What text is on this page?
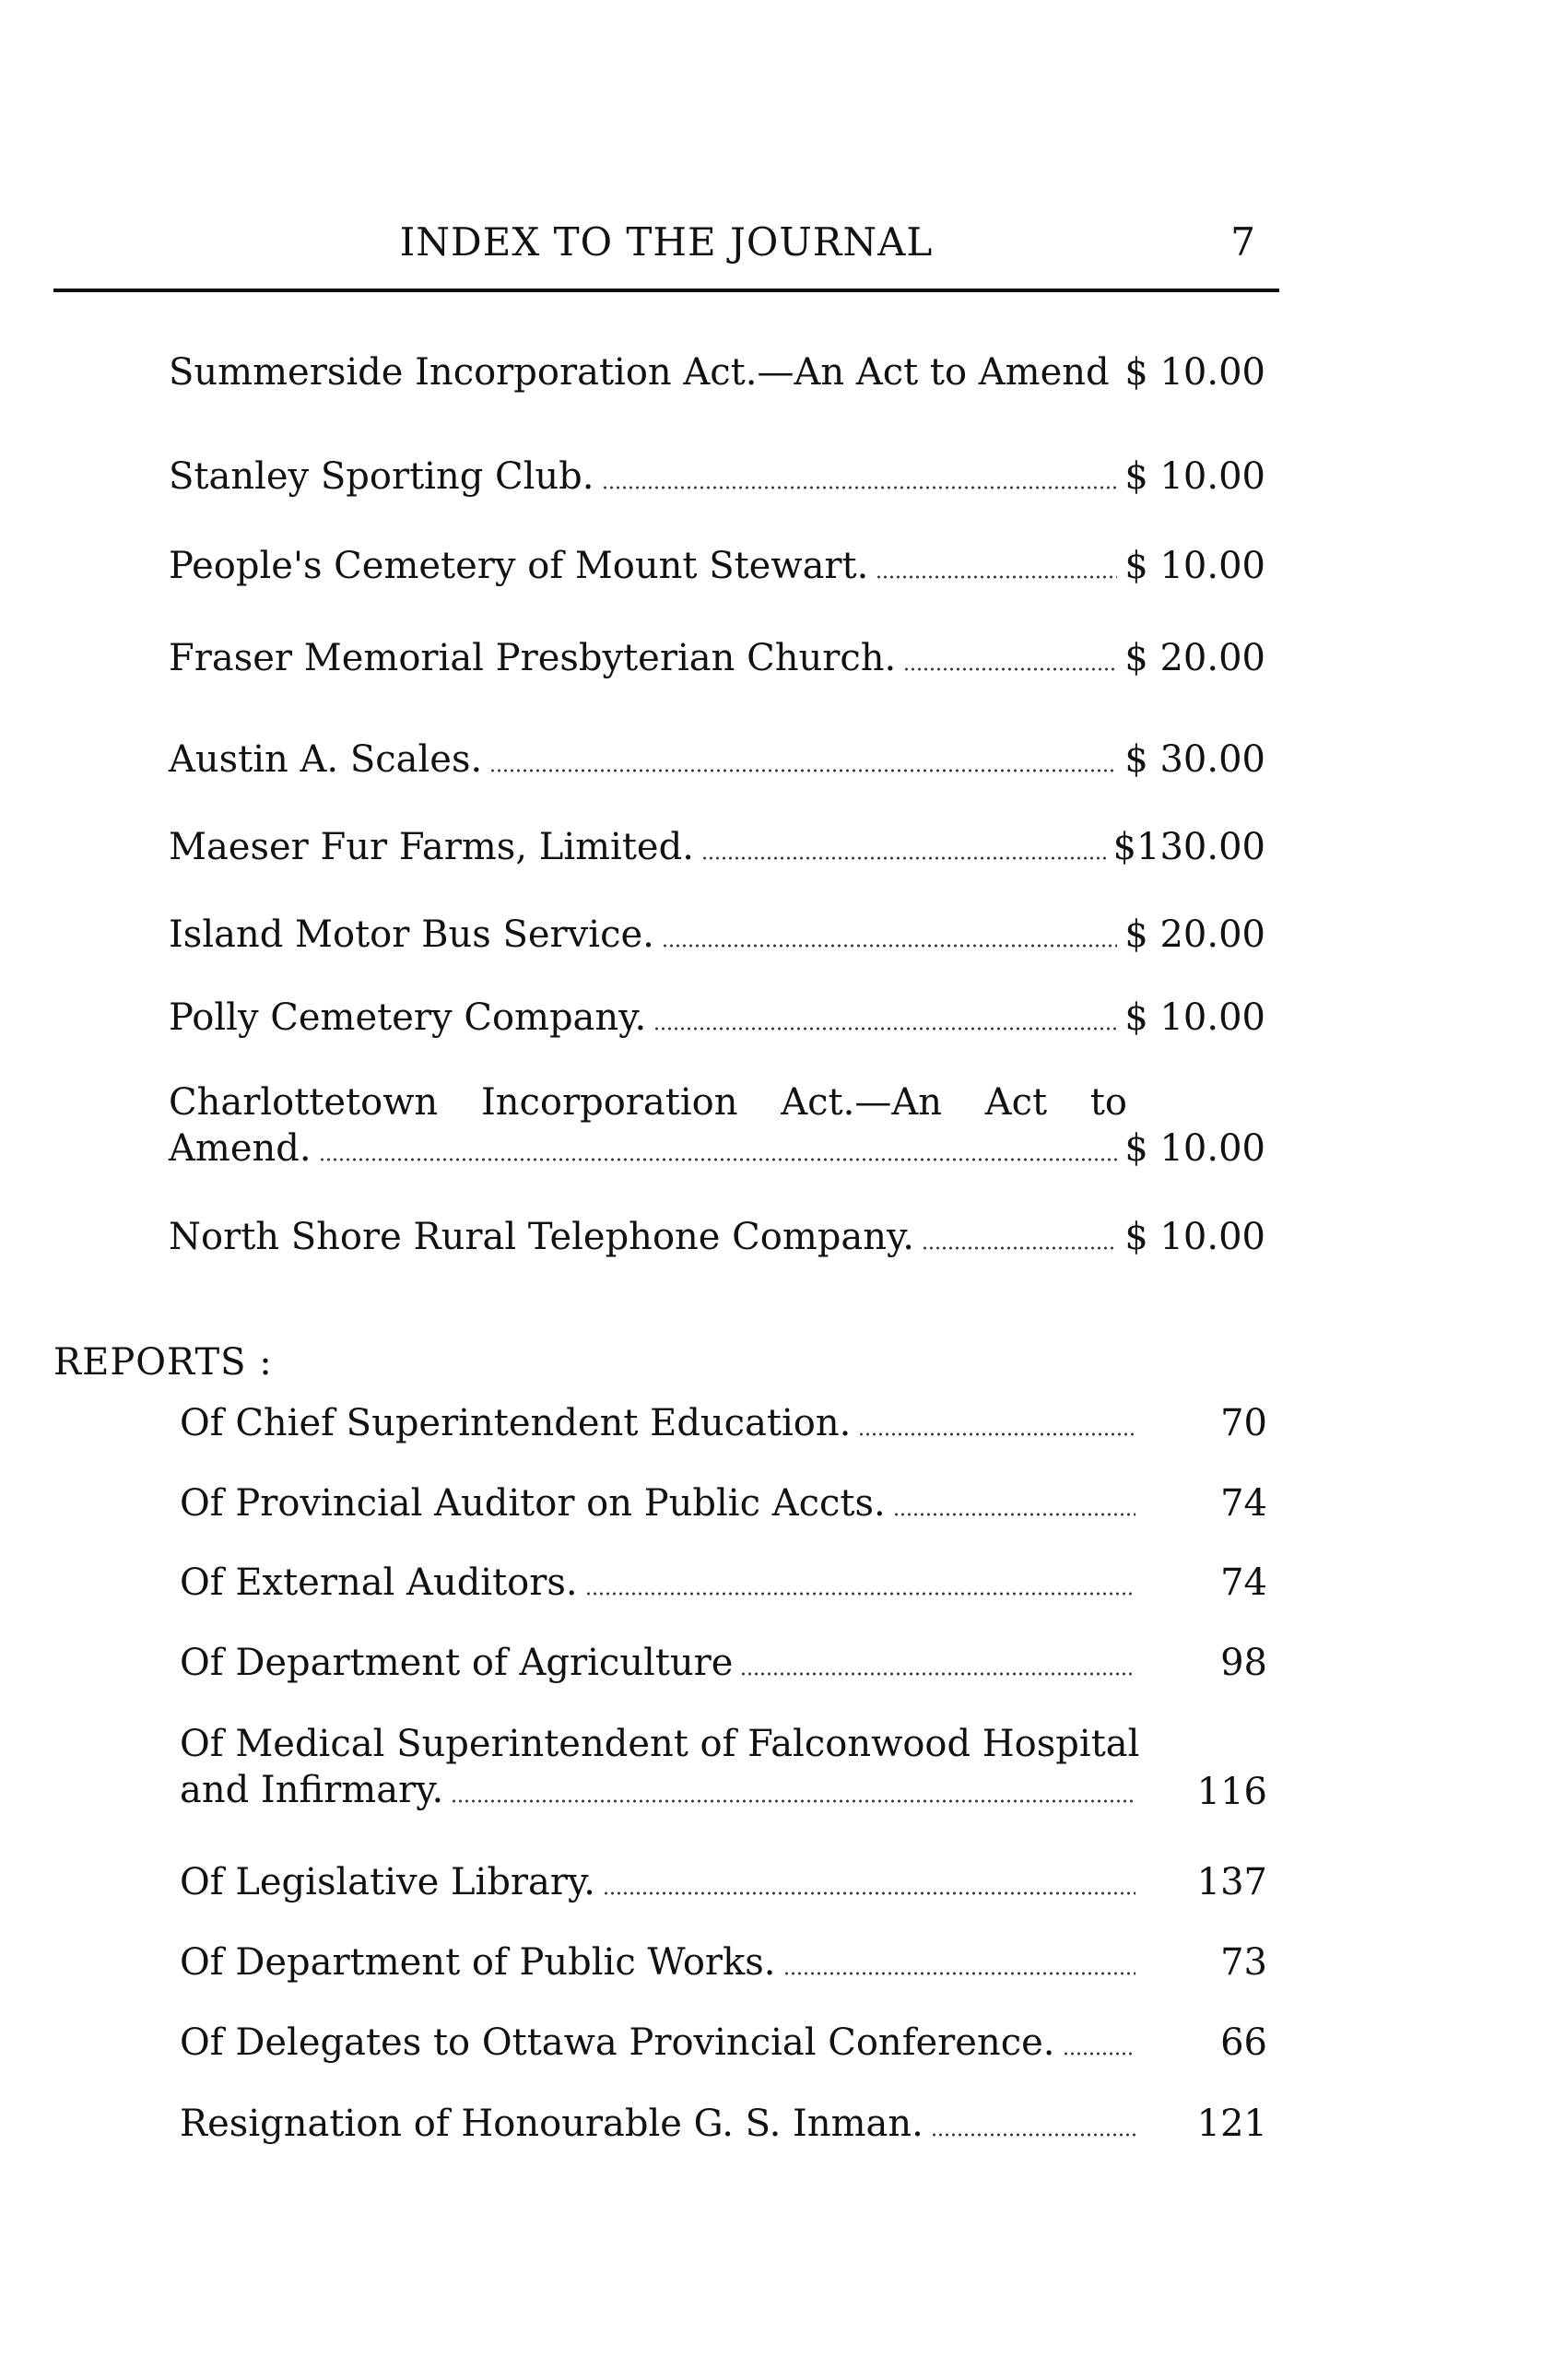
INDEX TO THE JOURNAL	7
Summerside Incorporation Act.—An Act to Amend $ 10.00
Stanley Sporting Club.	$ 10.00
People's Cemetery of Mount Stewart.	$ 10.00
Fraser Memorial Presbyterian Church.	$ 20.00
Austin A. Scales.	$ 30.00
Maeser Fur Farms, Limited.	$130.00
Island Motor Bus Service.	$ 20.00
Polly Cemetery Company.	$ 10.00
Charlottetown Incorporation Act.—An Act to
Amend.	$ 10.00
North Shore Rural Telephone Company.	$ 10.00
REPORTS :
Of Chief Superintendent Education.	70
Of Provincial Auditor on Public Accts.	74
Of External Auditors.	74
Of Department of Agriculture	98
Of Medical Superintendent of Falconwood Hospital
and Infirmary.	116
Of Legislative Library.	137
Of Department of Public Works.	73
Of Delegates to Ottawa Provincial Conference.	66
Resignation of Honourable G. S. Inman.	121
